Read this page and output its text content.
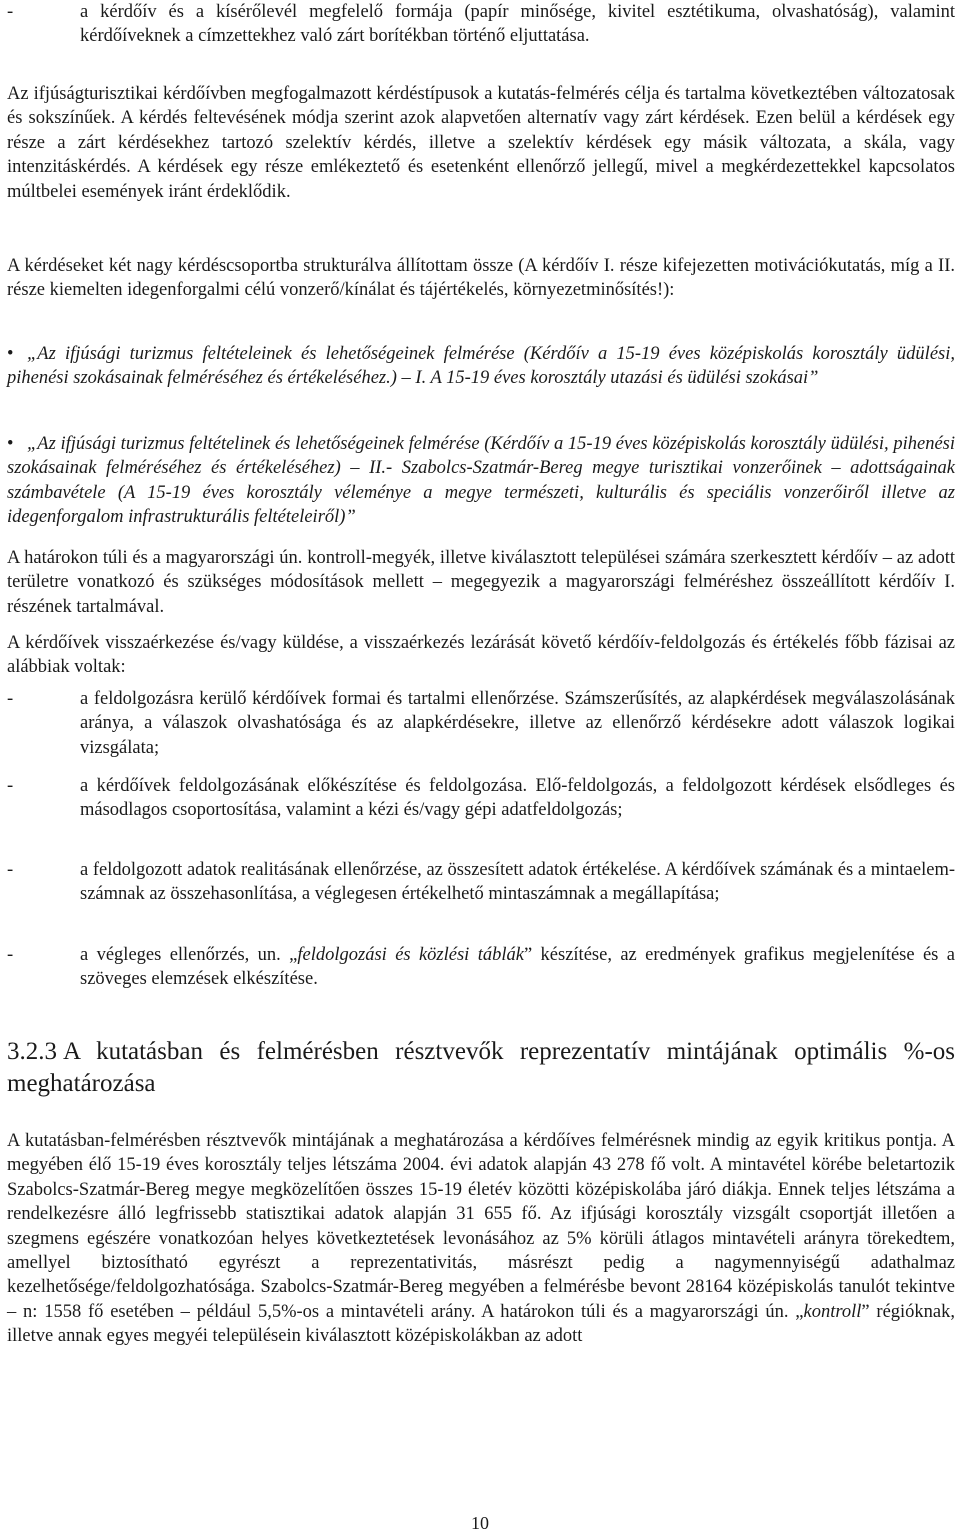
-	a kérdőív és a kísérőlevél megfelelő formája (papír minősége, kivitel esztétikuma, olvashatóság), valamint kérdőíveknek a címzettekhez való zárt borítékban történő eljuttatása.

Az ifjúságturisztikai kérdőívben megfogalmazott kérdéstípusok a kutatás-felmérés célja és tartalma következtében változatosak és sokszínűek. A kérdés feltevésének módja szerint azok alapvetően alternatív vagy zárt kérdések. Ezen belül a kérdések egy része a zárt kérdésekhez tartozó szelektív kérdés, illetve a szelektív kérdések egy másik változata, a skála, vagy intenzitáskérdés. A kérdések egy része emlékeztető és esetenként ellenőrző jellegű, mivel a megkérdezettekkel kapcsolatos múltbelei események iránt érdeklődik.

A kérdéseket két nagy kérdéscsoportba strukturálva állítottam össze (A kérdőív I. része kifejezetten motivációkutatás, míg a II. része kiemelten idegenforgalmi célú vonzerő/kínálat és tájértékelés, környezetminősítés!):

• „Az ifjúsági turizmus feltételeinek és lehetőségeinek felmérése (Kérdőív a 15-19 éves középiskolás korosztály üdülési, pihenési szokásainak felméréséhez és értékeléséhez.) – I. A 15-19 éves korosztály utazási és üdülési szokásai”
• „Az ifjúsági turizmus feltételinek és lehetőségeinek felmérése (Kérdőív a 15-19 éves középiskolás korosztály üdülési, pihenési szokásainak felméréséhez és értékeléséhez) – II.- Szabolcs-Szatmár-Bereg megye turisztikai vonzerőinek – adottságainak számbavétele (A 15-19 éves korosztály véleménye a megye természeti, kulturális és speciális vonzerőiről illetve az idegenforgalom infrastrukturális feltételeiről)”

A határokon túli és a magyarországi ún. kontroll-megyék, illetve kiválasztott települései számára szerkesztett kérdőív – az adott területre vonatkozó és szükséges módosítások mellett – megegyezik a magyarországi felméréshez összeállított kérdőív I. részének tartalmával.

A kérdőívek visszaérkezése és/vagy küldése, a visszaérkezés lezárását követő kérdőív-feldolgozás és értékelés főbb fázisai az alábbiak voltak:

-	a feldolgozásra kerülő kérdőívek formai és tartalmi ellenőrzése. Számszerűsítés, az alapkérdések megválaszolásának aránya, a válaszok olvashatósága és az alapkérdésekre, illetve az ellenőrző kérdésekre adott válaszok logikai vizsgálata;
-	a kérdőívek feldolgozásának előkészítése és feldolgozása. Elő-feldolgozás, a feldolgozott kérdések elsődleges és másodlagos csoportosítása, valamint a kézi és/vagy gépi adatfeldolgozás;
-	a feldolgozott adatok realitásának ellenőrzése, az összesített adatok értékelése. A kérdőívek számának és a mintaelem-számnak az összehasonlítása, a véglegesen értékelhető mintaszámnak a megállapítása;
-	a végleges ellenőrzés, un. „feldolgozási és közlési táblák” készítése, az eredmények grafikus megjelenítése és a szöveges elemzések elkészítése.
3.2.3 A kutatásban és felmérésben résztvevők reprezentatív mintájának optimális %-os meghatározása

A kutatásban-felmérésben résztvevők mintájának a meghatározása a kérdőíves felmérésnek mindig az egyik kritikus pontja. A megyében élő 15-19 éves korosztály teljes létszáma 2004. évi adatok alapján 43 278 fő volt. A mintavétel körébe beletartozik Szabolcs-Szatmár-Bereg megye megközelítően összes 15-19 életév közötti középiskolába járó diákja. Ennek teljes létszáma a rendelkezésre álló legfrissebb statisztikai adatok alapján 31 655 fő. Az ifjúsági korosztály vizsgált csoportját illetően a szegmens egészére vonatkozóan helyes következtetések levonásához az 5% körüli átlagos mintavételi arányra törekedtem, amellyel biztosítható egyrészt a reprezentativitás, másrészt pedig a nagymennyiségű adathalmaz kezelhetősége/feldolgozhatósága. Szabolcs-Szatmár-Bereg megyében a felmérésbe bevont 28164 középiskolás tanulót tekintve – n: 1558 fő esetében – például 5,5%-os a mintavételi arány. A határokon túli és a magyarországi ún. „kontroll” régióknak, illetve annak egyes megyéi településein kiválasztott középiskolákban az adott

10
